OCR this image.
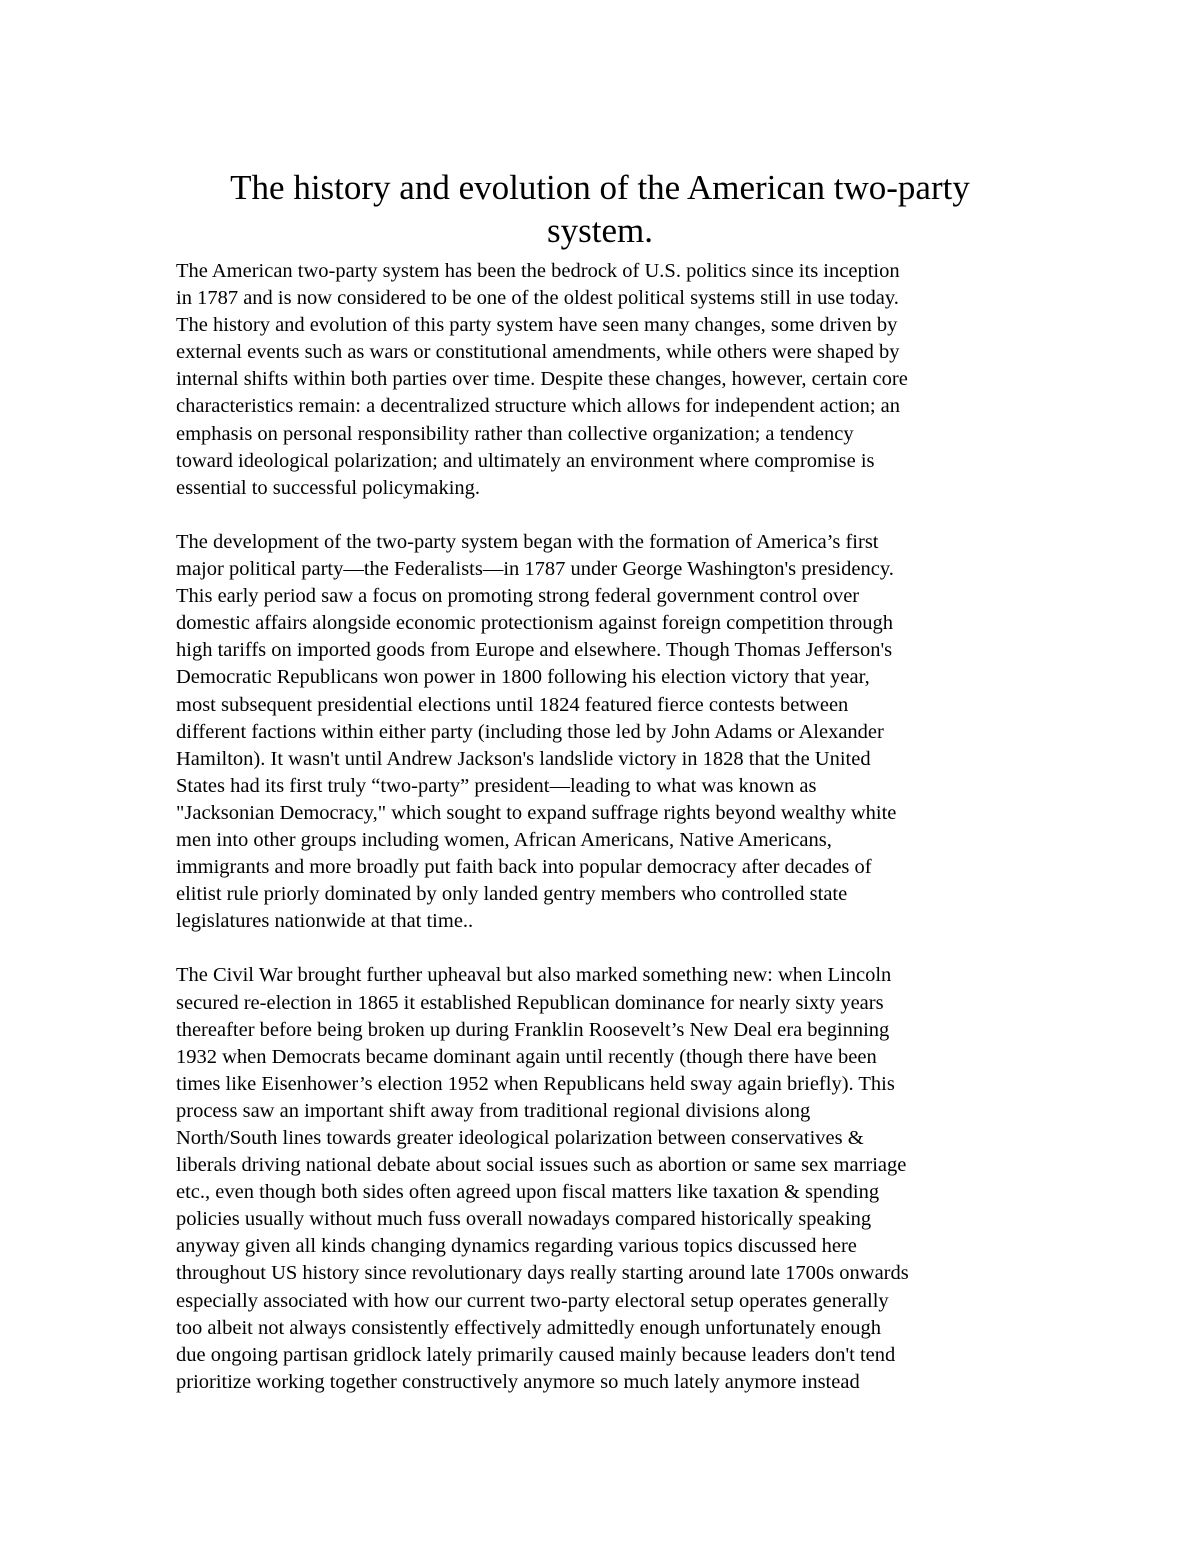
The history and evolution of the American two-party
system.

The American two-party system has been the bedrock of U.S. politics since its inception
in 1787 and is now considered to be one of the oldest political systems still in use today.
The history and evolution of this party system have seen many changes, some driven by
external events such as wars or constitutional amendments, while others were shaped by
internal shifts within both parties over time. Despite these changes, however, certain core
characteristics remain: a decentralized structure which allows for independent action; an
emphasis on personal responsibility rather than collective organization; a tendency
toward ideological polarization; and ultimately an environment where compromise is
essential to successful policymaking.

The development of the two-party system began with the formation of America’s first
major political party—the Federalists—in 1787 under George Washington's presidency.
This early period saw a focus on promoting strong federal government control over
domestic affairs alongside economic protectionism against foreign competition through
high tariffs on imported goods from Europe and elsewhere. Though Thomas Jefferson's
Democratic Republicans won power in 1800 following his election victory that year,
most subsequent presidential elections until 1824 featured fierce contests between
different factions within either party (including those led by John Adams or Alexander
Hamilton). It wasn't until Andrew Jackson's landslide victory in 1828 that the United
States had its first truly “two-party” president—leading to what was known as
"Jacksonian Democracy," which sought to expand suffrage rights beyond wealthy white
men into other groups including women, African Americans, Native Americans,
immigrants and more broadly put faith back into popular democracy after decades of
elitist rule priorly dominated by only landed gentry members who controlled state
legislatures nationwide at that time..

The Civil War brought further upheaval but also marked something new: when Lincoln
secured re-election in 1865 it established Republican dominance for nearly sixty years
thereafter before being broken up during Franklin Roosevelt’s New Deal era beginning
1932 when Democrats became dominant again until recently (though there have been
times like Eisenhower’s election 1952 when Republicans held sway again briefly). This
process saw an important shift away from traditional regional divisions along
North/South lines towards greater ideological polarization between conservatives &
liberals driving national debate about social issues such as abortion or same sex marriage
etc., even though both sides often agreed upon fiscal matters like taxation & spending
policies usually without much fuss overall nowadays compared historically speaking
anyway given all kinds changing dynamics regarding various topics discussed here
throughout US history since revolutionary days really starting around late 1700s onwards
especially associated with how our current two-party electoral setup operates generally
too albeit not always consistently effectively admittedly enough unfortunately enough
due ongoing partisan gridlock lately primarily caused mainly because leaders don't tend
prioritize working together constructively anymore so much lately anymore instead
